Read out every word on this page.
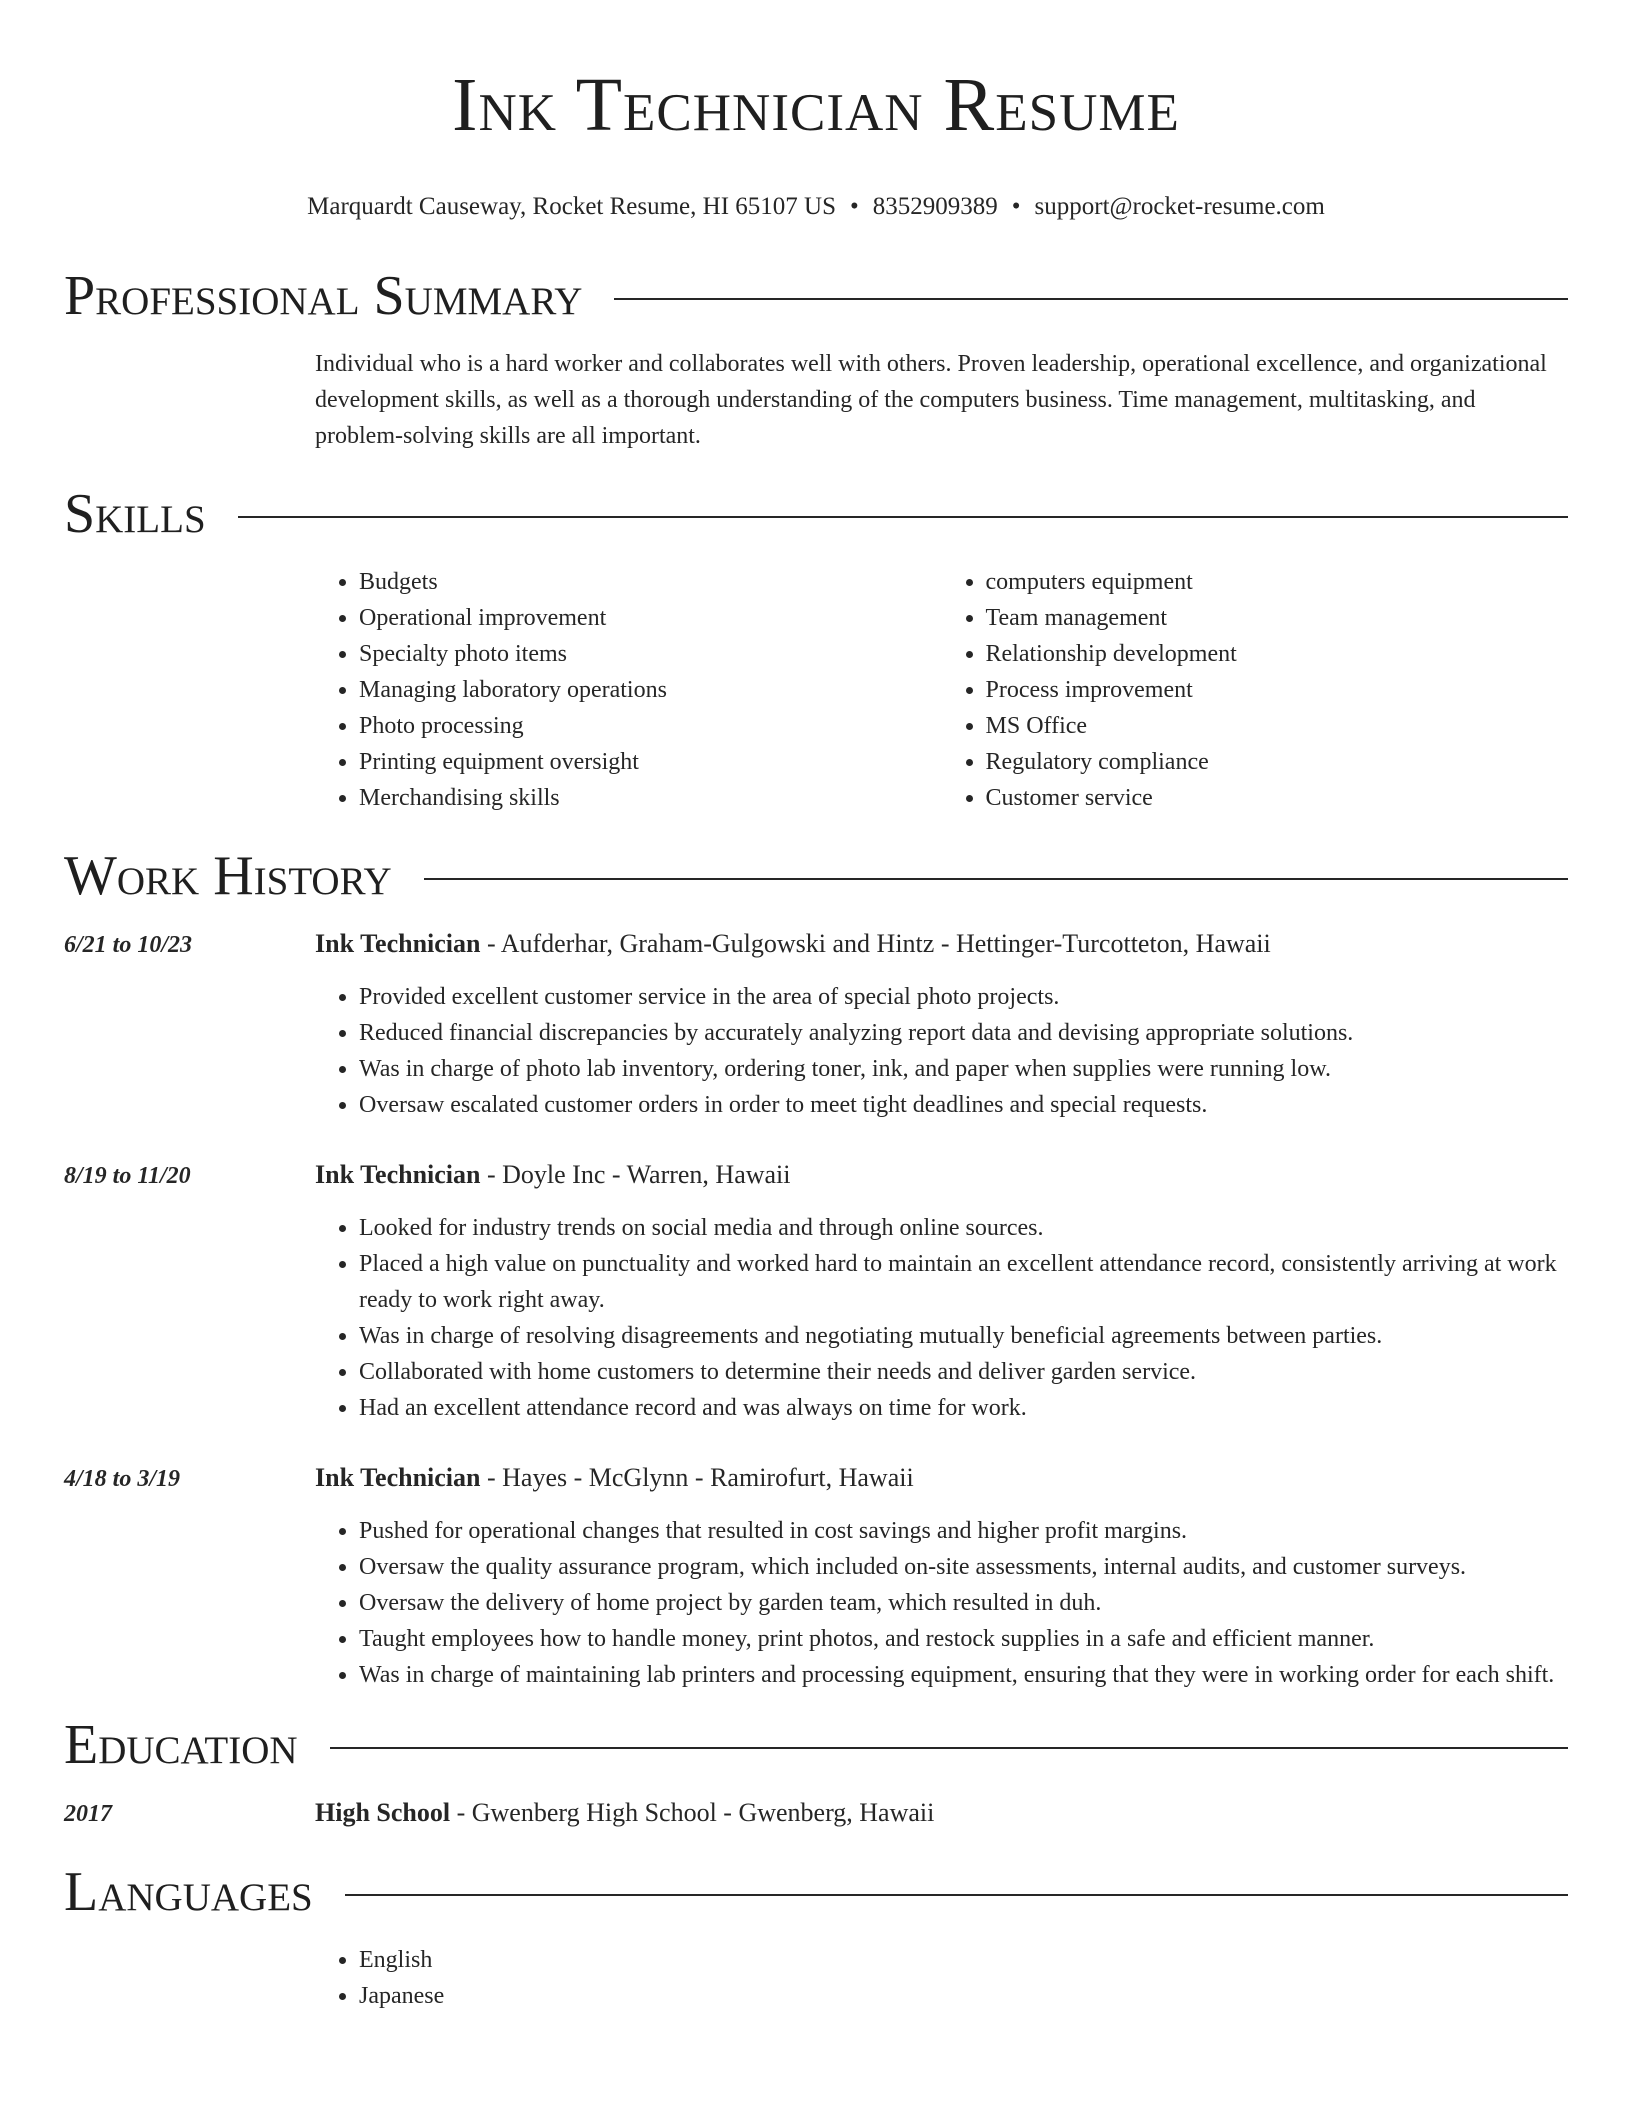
Ink Technician Resume
Marquardt Causeway, Rocket Resume, HI 65107 US • 8352909389 • support@rocket-resume.com
Professional Summary
Individual who is a hard worker and collaborates well with others. Proven leadership, operational excellence, and organizational development skills, as well as a thorough understanding of the computers business. Time management, multitasking, and problem-solving skills are all important.
Skills
• Budgets
• Operational improvement
• Specialty photo items
• Managing laboratory operations
• Photo processing
• Printing equipment oversight
• Merchandising skills
• computers equipment
• Team management
• Relationship development
• Process improvement
• MS Office
• Regulatory compliance
• Customer service
Work History
6/21 to 10/23	Ink Technician - Aufderhar, Graham-Gulgowski and Hintz - Hettinger-Turcotteton, Hawaii
• Provided excellent customer service in the area of special photo projects.
• Reduced financial discrepancies by accurately analyzing report data and devising appropriate solutions.
• Was in charge of photo lab inventory, ordering toner, ink, and paper when supplies were running low.
• Oversaw escalated customer orders in order to meet tight deadlines and special requests.
8/19 to 11/20	Ink Technician - Doyle Inc - Warren, Hawaii
• Looked for industry trends on social media and through online sources.
• Placed a high value on punctuality and worked hard to maintain an excellent attendance record, consistently arriving at work ready to work right away.
• Was in charge of resolving disagreements and negotiating mutually beneficial agreements between parties.
• Collaborated with home customers to determine their needs and deliver garden service.
• Had an excellent attendance record and was always on time for work.
4/18 to 3/19	Ink Technician - Hayes - McGlynn - Ramirofurt, Hawaii
• Pushed for operational changes that resulted in cost savings and higher profit margins.
• Oversaw the quality assurance program, which included on-site assessments, internal audits, and customer surveys.
• Oversaw the delivery of home project by garden team, which resulted in duh.
• Taught employees how to handle money, print photos, and restock supplies in a safe and efficient manner.
• Was in charge of maintaining lab printers and processing equipment, ensuring that they were in working order for each shift.
Education
2017	High School - Gwenberg High School - Gwenberg, Hawaii
Languages
• English
• Japanese
